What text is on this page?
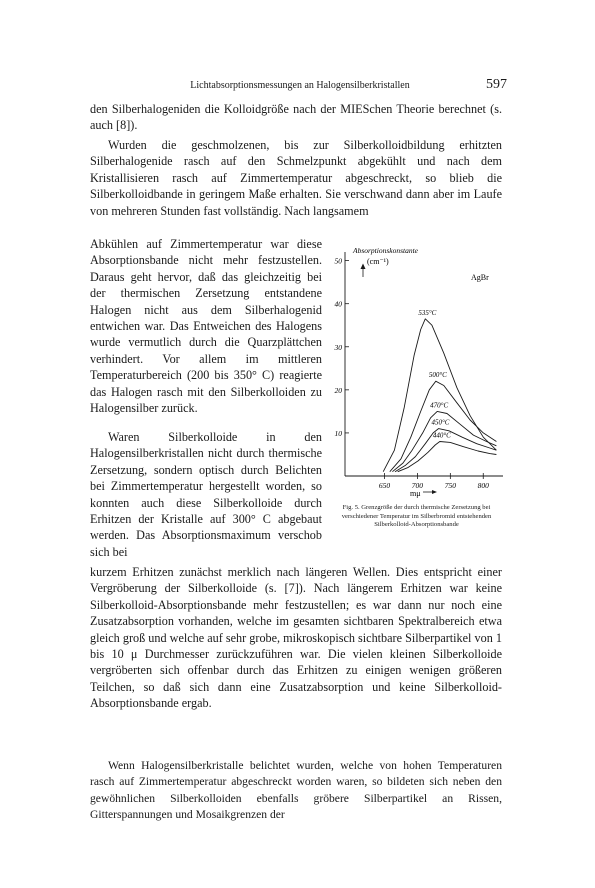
Lichtabsorptionsmessungen an Halogensilberkristallen	597

den Silberhalogeniden die Kolloidgröße nach der MIESchen Theorie berechnet (s. auch [8]).

Wurden die geschmolzenen, bis zur Silberkolloidbildung erhitzten Silberhalogenide rasch auf den Schmelzpunkt abgekühlt und nach dem Kristallisieren rasch auf Zimmertemperatur abgeschreckt, so blieb die Silberkolloidbande in geringem Maße erhalten. Sie verschwand dann aber im Laufe von mehreren Stunden fast vollständig. Nach langsamem

Abkühlen auf Zimmertemperatur war diese Absorptionsbande nicht mehr festzustellen. Daraus geht hervor, daß das gleichzeitig bei der thermischen Zersetzung entstandene Halogen nicht aus dem Silberhalogenid entwichen war. Das Entweichen des Halogens wurde vermutlich durch die Quarzplättchen verhindert. Vor allem im mittleren Temperaturbereich (200 bis 350° C) reagierte das Halogen rasch mit den Silberkolloiden zu Halogensilber zurück.

Waren Silberkolloide in den Halogensilberkristallen nicht durch thermische Zersetzung, sondern optisch durch Belichten bei Zimmertemperatur hergestellt worden, so konnten auch diese Silberkolloide durch Erhitzen der Kristalle auf 300° C abgebaut werden. Das Absorptionsmaximum verschob sich bei

kurzem Erhitzen zunächst merklich nach längeren Wellen. Dies entspricht einer Vergröberung der Silberkolloide (s. [7]). Nach längerem Erhitzen war keine Silberkolloid-Absorptionsbande mehr festzustellen; es war dann nur noch eine Zusatzabsorption vorhanden, welche im gesamten sichtbaren Spektralbereich etwa gleich groß und welche auf sehr grobe, mikroskopisch sichtbare Silberpartikel von 1 bis 10 μ Durchmesser zurückzuführen war. Die vielen kleinen Silberkolloide vergröberten sich offenbar durch das Erhitzen zu einigen wenigen größeren Teilchen, so daß sich dann eine Zusatzabsorption und keine Silberkolloid-Absorptionsbande ergab.

Wenn Halogensilberkristalle belichtet wurden, welche von hohen Temperaturen rasch auf Zimmertemperatur abgeschreckt worden waren, so bildeten sich neben den gewöhnlichen Silberkolloiden ebenfalls gröbere Silberpartikel an Rissen, Gitterspannungen und Mosaikgrenzen der

10
20
30
40
50
650	700	750	800
535°C
500°C
470°C
450°C
440°C
Absorptionskonstante
(cm⁻¹)
AgBr
mμ
Fig. 5. Grenzgröße der durch thermische Zersetzung bei verschiedener Temperatur im Silberbromid entstehenden Silberkolloid-Absorptionsbande
